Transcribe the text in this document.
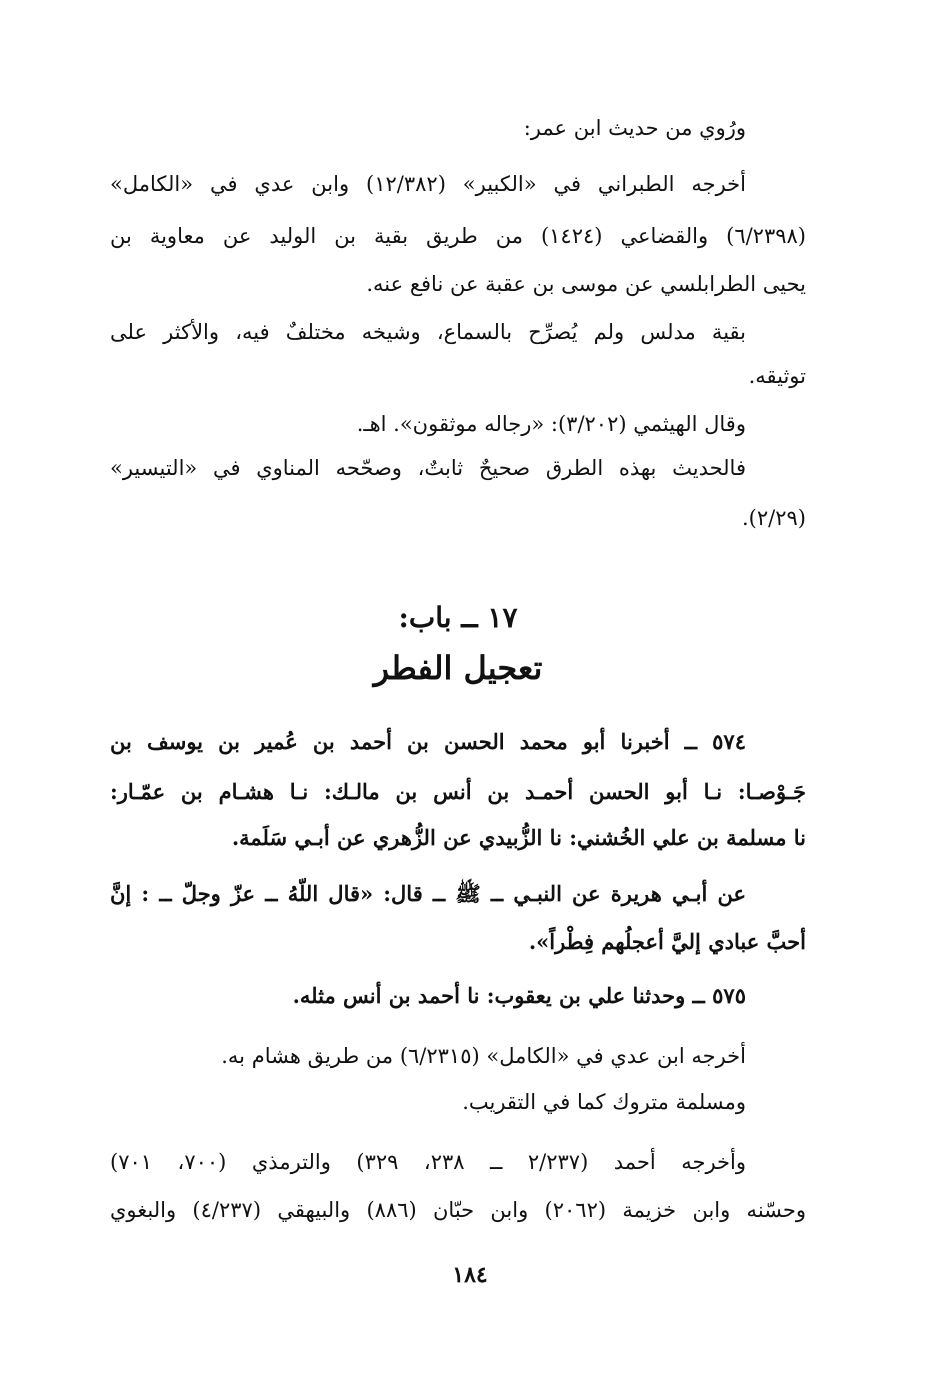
ورُوي من حديث ابن عمر:
أخرجه الطبراني في «الكبير» (١٢/٣٨٢) وابن عدي في «الكامل»
(٦/٢٣٩٨) والقضاعي (١٤٢٤) من طريق بقية بن الوليد عن معاوية بن
يحيى الطرابلسي عن موسى بن عقبة عن نافع عنه.
بقية مدلس ولم يُصرِّح بالسماع، وشيخه مختلفٌ فيه، والأكثر على
توثيقه.
وقال الهيثمي (٣/٢٠٢): «رجاله موثقون». اهـ.
فالحديث بهذه الطرق صحيحٌ ثابتٌ، وصحّحه المناوي في «التيسير»
(٢/٢٩).
١٧ ــ باب:
تعجيل الفطر
٥٧٤ ــ أخبرنا أبو محمد الحسن بن أحمد بن عُمير بن يوسف بن
جَـوْصـا: نـا أبو الحسن أحمـد بن أنس بن مالـك: نـا هشـام بن عمّـار:
نا مسلمة بن علي الخُشني: نا الزُّبيدي عن الزُّهري عن أبـي سَلَمة.
عن أبـي هريرة عن النبـي ــ ﷺ ــ قال: «قال اللّهُ ــ عزّ وجلّ ــ : إنَّ
أحبَّ عبادي إليَّ أعجلُهم فِطْراً».
٥٧٥ ــ وحدثنا علي بن يعقوب: نا أحمد بن أنس مثله.
أخرجه ابن عدي في «الكامل» (٦/٢٣١٥) من طريق هشام به.
ومسلمة متروك كما في التقريب.
وأخرجه أحمد (٢/٢٣٧ ــ ٢٣٨، ٣٢٩) والترمذي (٧٠٠، ٧٠١)
وحسّنه وابن خزيمة (٢٠٦٢) وابن حبّان (٨٨٦) والبيهقي (٤/٢٣٧) والبغوي
١٨٤
